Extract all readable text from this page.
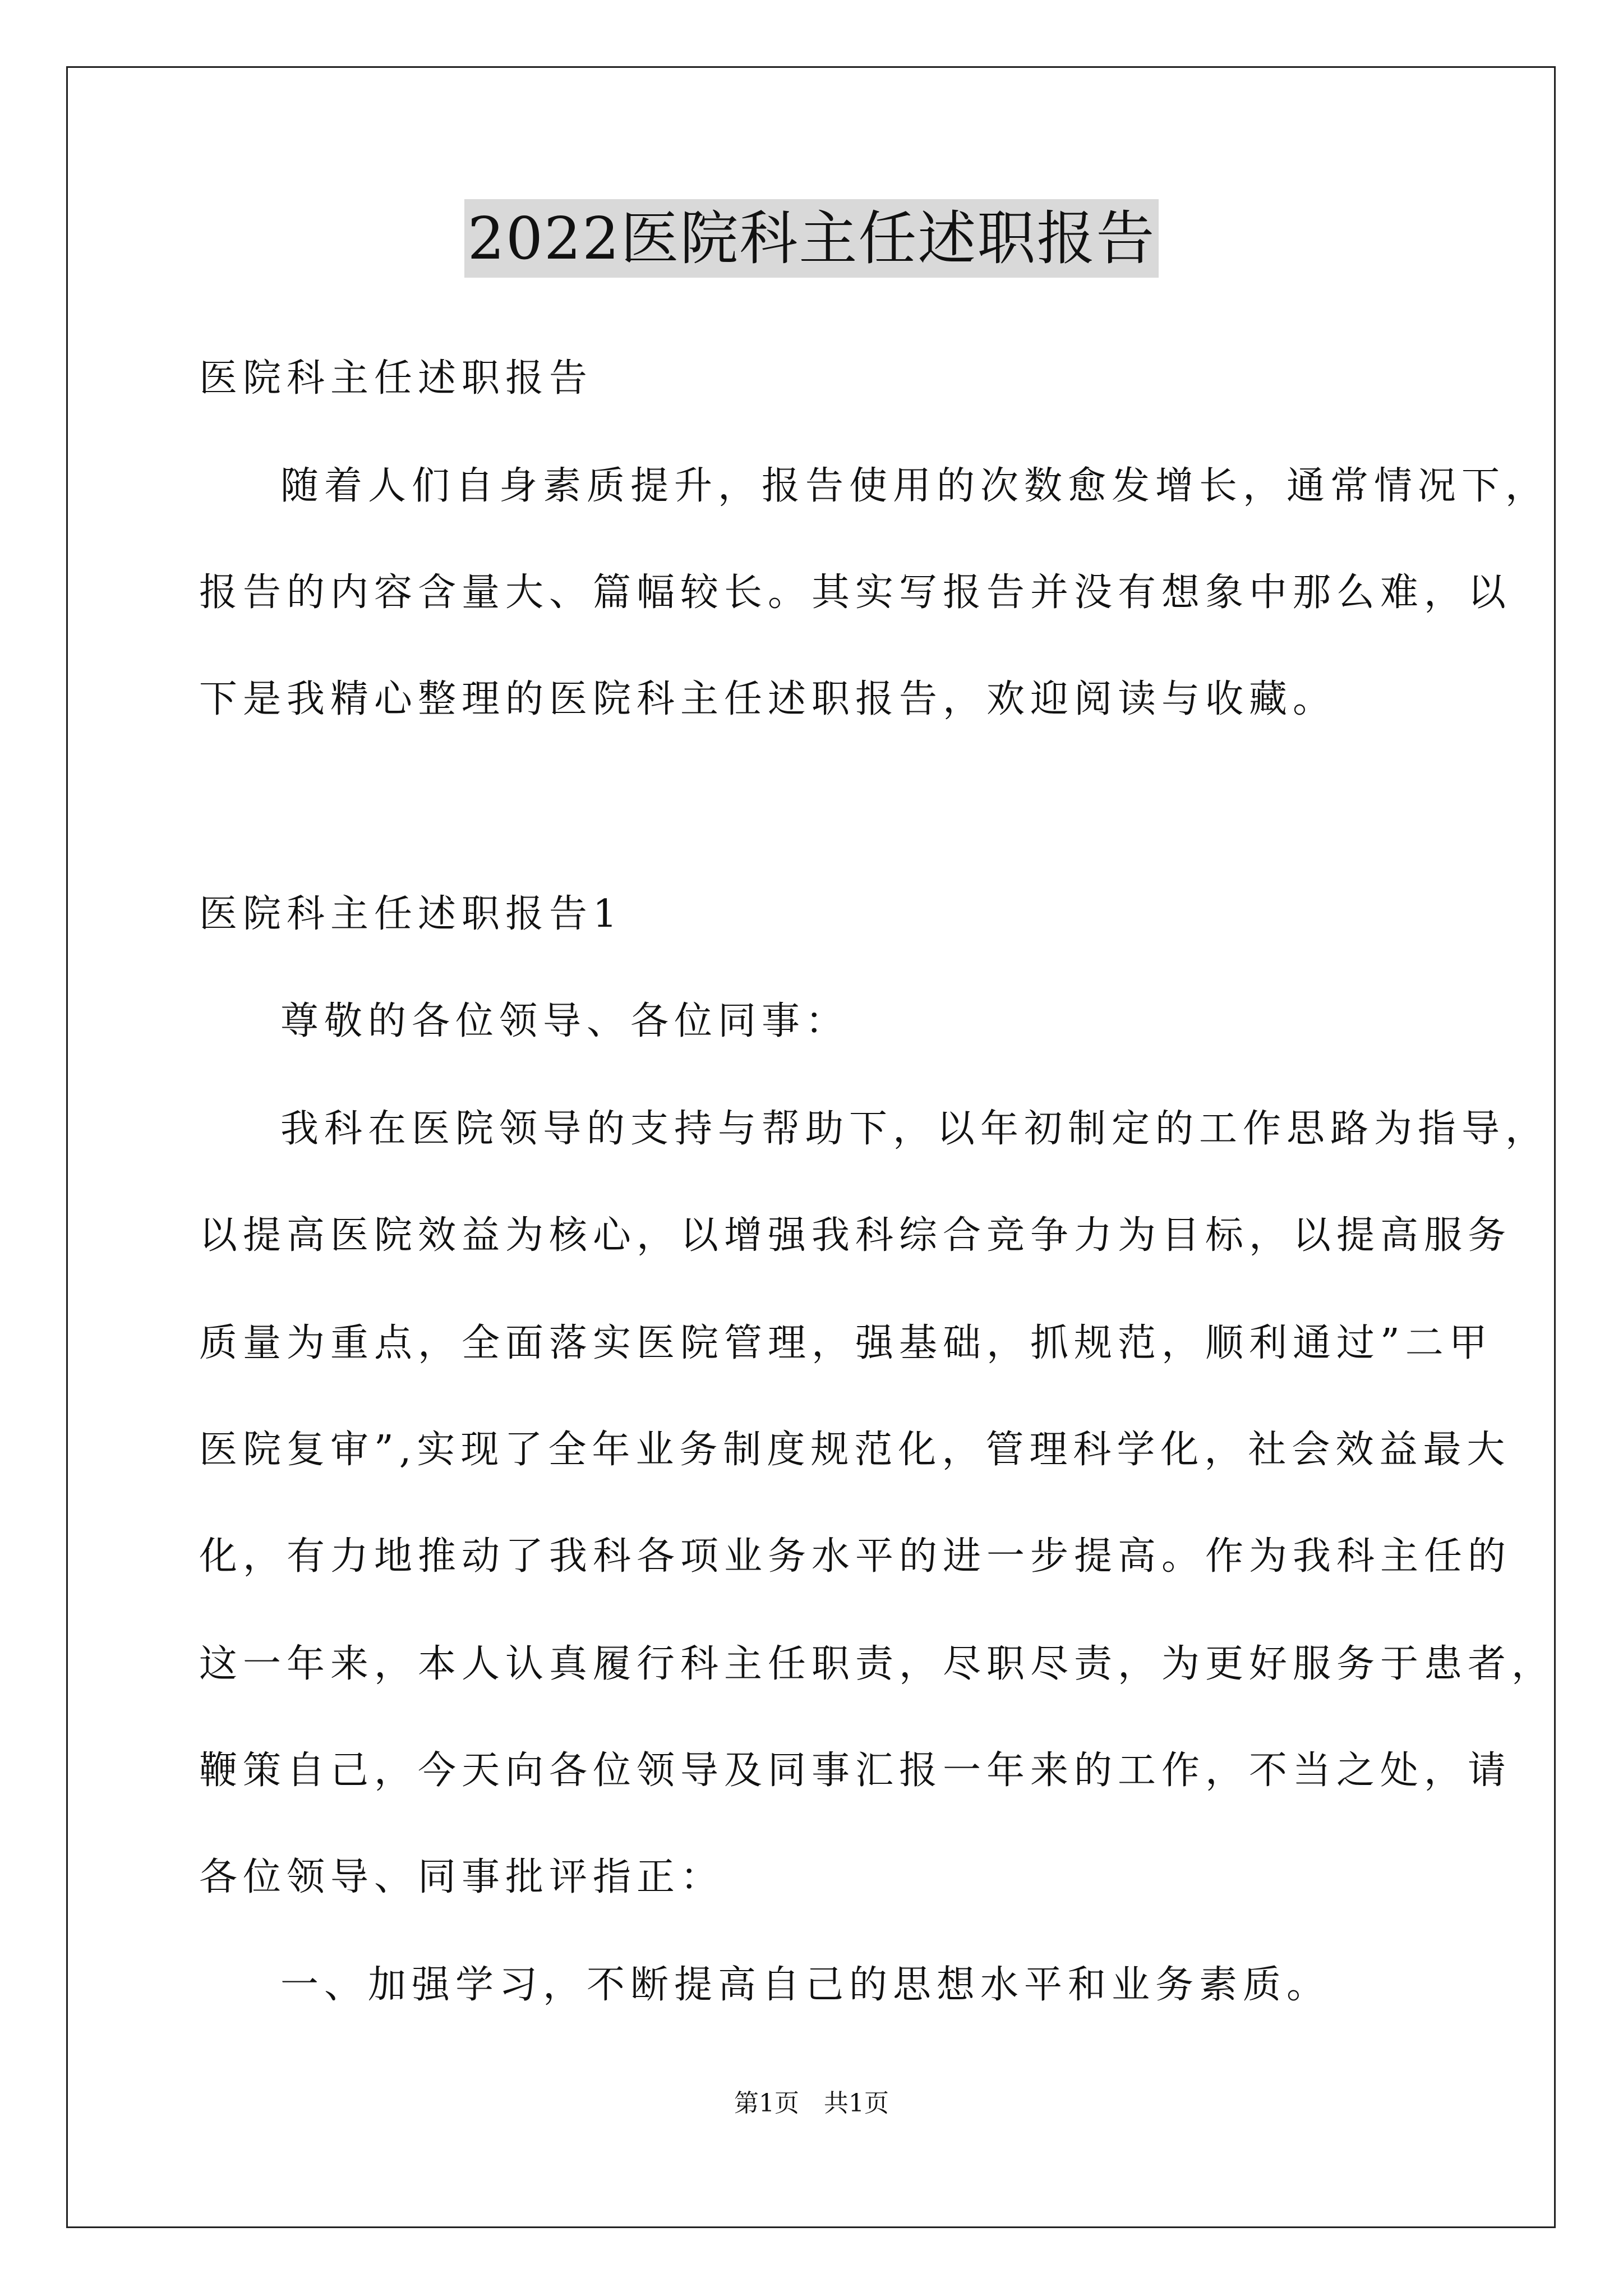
2022医院科主任述职报告
医院科主任述职报告
随着人们自身素质提升，报告使用的次数愈发增长，通常情况下，
报告的内容含量大、篇幅较长。其实写报告并没有想象中那么难，以
下是我精心整理的医院科主任述职报告，欢迎阅读与收藏。
医院科主任述职报告1
尊敬的各位领导、各位同事：
我科在医院领导的支持与帮助下，以年初制定的工作思路为指导，
以提高医院效益为核心，以增强我科综合竞争力为目标，以提高服务
质量为重点，全面落实医院管理，强基础，抓规范，顺利通过”二甲
医院复审”,实现了全年业务制度规范化，管理科学化，社会效益最大
化，有力地推动了我科各项业务水平的进一步提高。作为我科主任的
这一年来，本人认真履行科主任职责，尽职尽责，为更好服务于患者，
鞭策自己，今天向各位领导及同事汇报一年来的工作，不当之处，请
各位领导、同事批评指正：
一、加强学习，不断提高自己的思想水平和业务素质。
第1页　共1页
